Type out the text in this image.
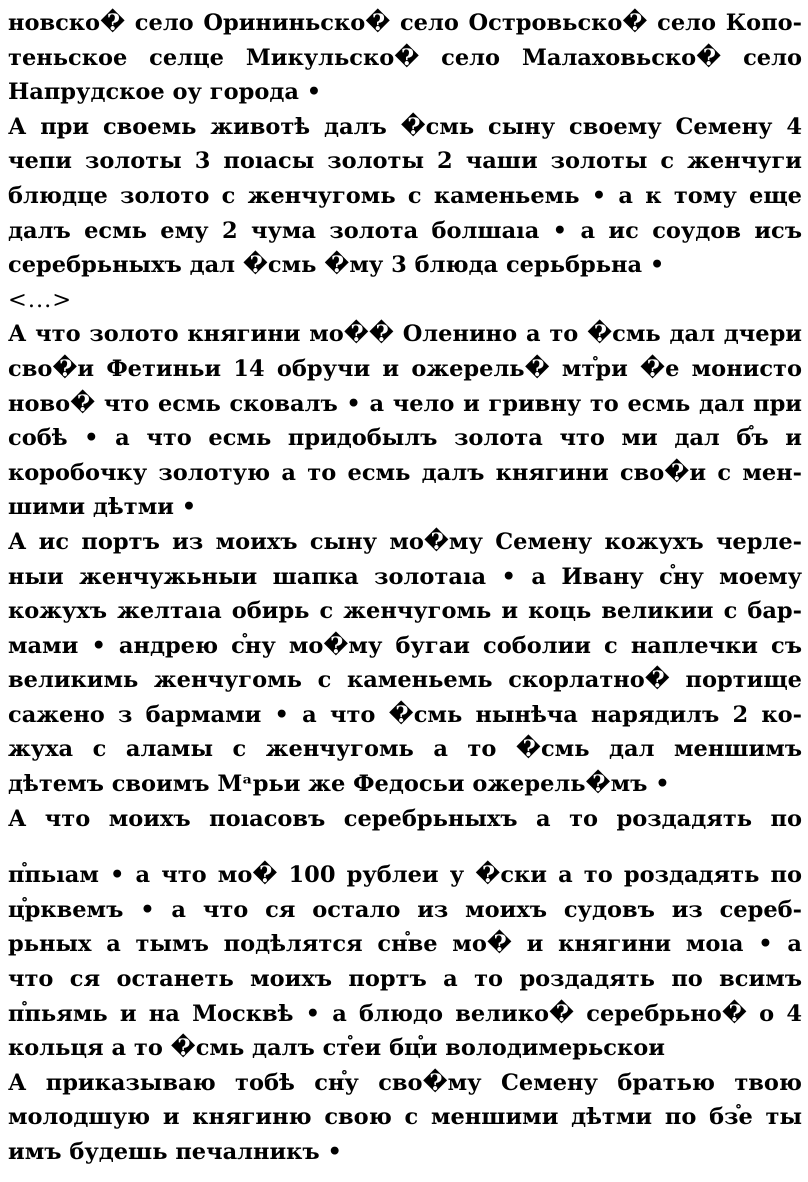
новско� село Орининьско� село Островьско� село Копо-
теньское селце Микульско� село Малаховьско� село
Напрудское оу города •
А при своемь животѣ далъ �смь сыну своему Семену 4
чепи золоты 3 поıасы золоты 2 чаши золоты с женчуги
блюдце золото с женчугомь с каменьемь • а к тому еще
далъ есмь ему 2 чума золота болшаıа • а ис соудов исъ
серебрьныхъ дал �смь �му 3 блюда серьбрьна •
<...>
А что золото княгини мо�� Оленино а то �смь дал дчери
сво�и Фетиньи 14 обручи и ожерель� мт֯ри �е монисто
ново� что есмь сковалъ • а чело и гривну то есмь дал при
собѣ • а что есмь придобылъ золота что ми дал б֯ъ и
коробочку золотую а то есмь далъ княгини сво�и с мен-
шими дѣтми •
А ис портъ из моихъ сыну мо�му Семену кожухъ черле-
ныи женчужьныи шапка золотаıа • а Ивану с֯ну моему
кожухъ желтаıа обирь с женчугомь и коць великии с бар-
мами • андрею с֯ну мо�му бугаи соболии с наплечки съ
великимь женчугомь с каменьемь скорлатно� портище
сажено з бармами • а что �смь нынѣча нарядилъ 2 ко-
жуха с аламы с женчугомь а то �смь дал меншимъ
дѣтемъ своимъ Мᵃрьи же Федосьи ожерель�мъ •
А что моихъ поıасовъ серебрьныхъ а то роздадять по
п֯пьıам • а что мо� 100 рублеи у �ски а то роздадять по
ц֯рквемъ • а что ся остало из моихъ судовъ из сереб-
рьных а тымъ подѣлятся сн֯ве мо� и княгини моıа • а
что ся останеть моихъ портъ а то роздадять по всимъ
п֯пьямь и на Москвѣ • а блюдо велико� серебрьно� о 4
кольця а то �смь далъ ст֯еи бц֯и володимерьскои
А приказываю тобѣ сн֯у сво�му Семену братью твою
молодшую и княгиню свою с меншими дѣтми по бз֯е ты
имъ будешь печалникъ •
